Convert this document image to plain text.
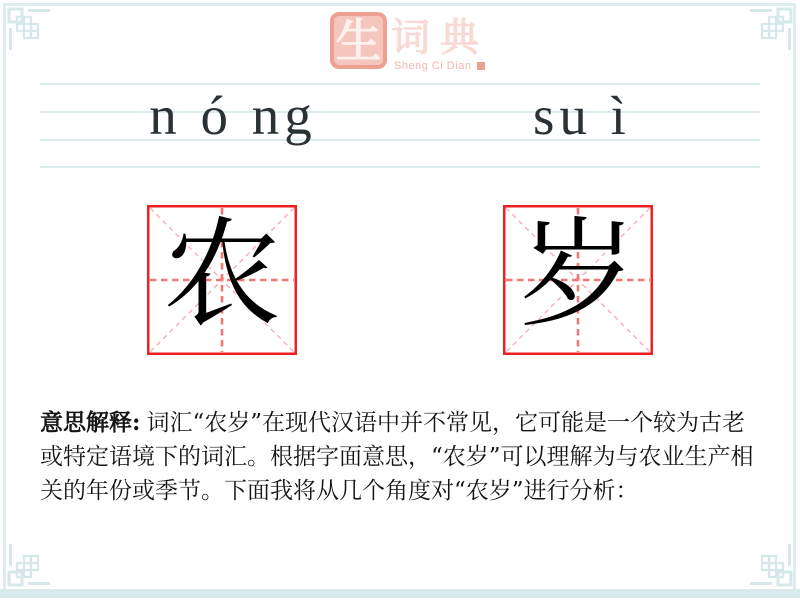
生 词典
Sheng Ci Dian
n ó ng	su ì
农 岁

意思解释: 词汇“农岁”在现代汉语中并不常见，它可能是一个较为古老或特定语境下的词汇。根据字面意思，“农岁”可以理解为与农业生产相关的年份或季节。下面我将从几个角度对“农岁”进行分析：
